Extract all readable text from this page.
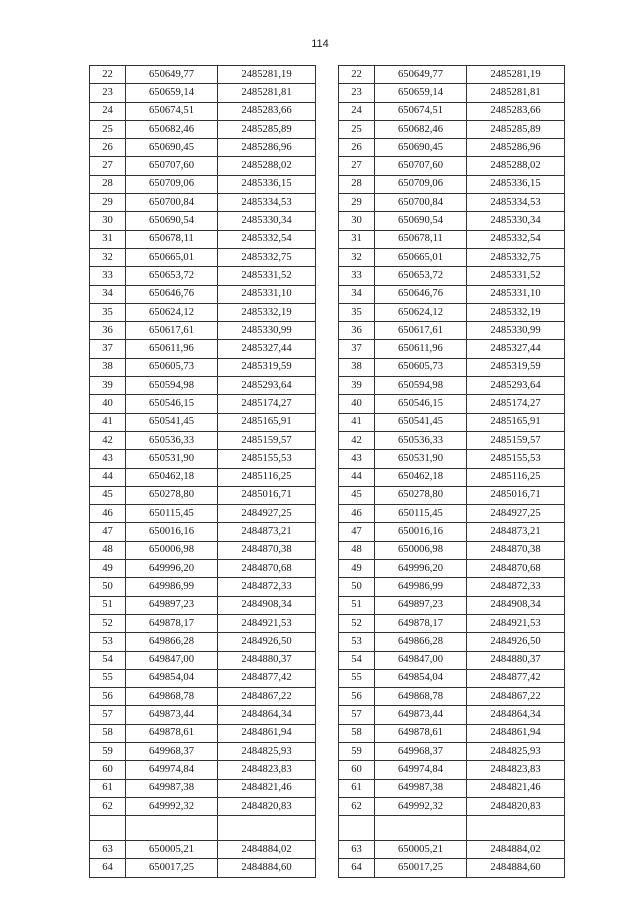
114
22	650649,77	2485281,19
23	650659,14	2485281,81
24	650674,51	2485283,66
25	650682,46	2485285,89
26	650690,45	2485286,96
27	650707,60	2485288,02
28	650709,06	2485336,15
29	650700,84	2485334,53
30	650690,54	2485330,34
31	650678,11	2485332,54
32	650665,01	2485332,75
33	650653,72	2485331,52
34	650646,76	2485331,10
35	650624,12	2485332,19
36	650617,61	2485330,99
37	650611,96	2485327,44
38	650605,73	2485319,59
39	650594,98	2485293,64
40	650546,15	2485174,27
41	650541,45	2485165,91
42	650536,33	2485159,57
43	650531,90	2485155,53
44	650462,18	2485116,25
45	650278,80	2485016,71
46	650115,45	2484927,25
47	650016,16	2484873,21
48	650006,98	2484870,38
49	649996,20	2484870,68
50	649986,99	2484872,33
51	649897,23	2484908,34
52	649878,17	2484921,53
53	649866,28	2484926,50
54	649847,00	2484880,37
55	649854,04	2484877,42
56	649868,78	2484867,22
57	649873,44	2484864,34
58	649878,61	2484861,94
59	649968,37	2484825,93
60	649974,84	2484823,83
61	649987,38	2484821,46
62	649992,32	2484820,83

63	650005,21	2484884,02
64	650017,25	2484884,60
22	650649,77	2485281,19
23	650659,14	2485281,81
24	650674,51	2485283,66
25	650682,46	2485285,89
26	650690,45	2485286,96
27	650707,60	2485288,02
28	650709,06	2485336,15
29	650700,84	2485334,53
30	650690,54	2485330,34
31	650678,11	2485332,54
32	650665,01	2485332,75
33	650653,72	2485331,52
34	650646,76	2485331,10
35	650624,12	2485332,19
36	650617,61	2485330,99
37	650611,96	2485327,44
38	650605,73	2485319,59
39	650594,98	2485293,64
40	650546,15	2485174,27
41	650541,45	2485165,91
42	650536,33	2485159,57
43	650531,90	2485155,53
44	650462,18	2485116,25
45	650278,80	2485016,71
46	650115,45	2484927,25
47	650016,16	2484873,21
48	650006,98	2484870,38
49	649996,20	2484870,68
50	649986,99	2484872,33
51	649897,23	2484908,34
52	649878,17	2484921,53
53	649866,28	2484926,50
54	649847,00	2484880,37
55	649854,04	2484877,42
56	649868,78	2484867,22
57	649873,44	2484864,34
58	649878,61	2484861,94
59	649968,37	2484825,93
60	649974,84	2484823,83
61	649987,38	2484821,46
62	649992,32	2484820,83

63	650005,21	2484884,02
64	650017,25	2484884,60
